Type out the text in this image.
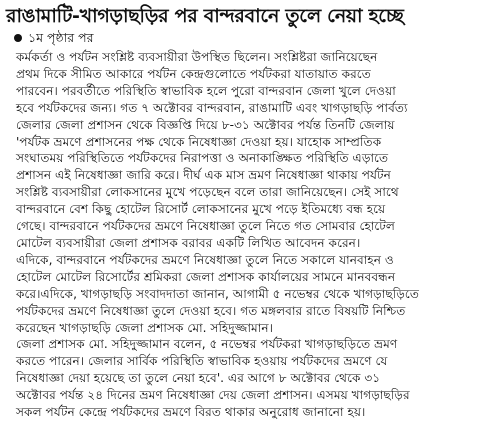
রাঙামাটি-খাগড়াছড়ির পর বান্দরবানে তুলে নেয়া হচ্ছে
১ম পৃষ্ঠার পর
কর্মকর্তা ও পর্যটন সংশ্লিষ্ট ব্যবসায়ীরা উপস্থিত ছিলেন। সংশ্লিষ্টরা জানিয়েছেন
প্রথম দিকে সীমিত আকারে পর্যটন কেন্দ্রগুলোতে পর্যটকরা যাতায়াত করতে
পারবেন। পরবর্তীতে পরিস্থিতি স্বাভাবিক হলে পুরো বান্দরবান জেলা খুলে দেওয়া
হবে পর্যটকদের জন্য। গত ৭ অক্টোবর বান্দরবান, রাঙামাটি এবং খাগড়াছড়ি পার্বত্য
জেলার জেলা প্রশাসন থেকে বিজ্ঞপ্তি দিয়ে ৮-৩১ অক্টোবর পর্যন্ত তিনটি জেলায়
'পর্যটক ভ্রমণে প্রশাসনের পক্ষ থেকে নিষেধাজ্ঞা দেওয়া হয়। যাহোক সাম্প্রতিক
সংঘাতময় পরিস্থিতিতে পর্যটকদের নিরাপত্তা ও অনাকাঙ্ক্ষিত পরিস্থিতি এড়াতে
প্রশাসন এই নিষেধাজ্ঞা জারি করে। দীর্ঘ এক মাস ভ্রমণ নিষেধাজ্ঞা থাকায় পর্যটন
সংশ্লিষ্ট ব্যবসায়ীরা লোকসানের মুখে পড়েছেন বলে তারা জানিয়েছেন। সেই সাথে
বান্দরবানে বেশ কিছু হোটেল রিসোর্ট লোকসানের মুখে পড়ে ইতিমধ্যে বন্ধ হয়ে
গেছে। বান্দরবানে পর্যটকদের ভ্রমণে নিষেধাজ্ঞা তুলে নিতে গত সোমবার হোটেল
মোটেল ব্যবসায়ীরা জেলা প্রশাসক বরাবর একটি লিখিত আবেদন করেন।
এদিকে, বান্দরবানে পর্যটকদের ভ্রমণে নিষেধাজ্ঞা তুলে নিতে সকালে যানবাহন ও
হোটেল মোটেল রিসোর্টের শ্রমিকরা জেলা প্রশাসক কার্যালয়ের সামনে মানববন্ধন
করে।এদিকে, খাগড়াছড়ি সংবাদদাতা জানান, আগামী ৫ নভেম্বর থেকে খাগড়াছড়িতে
পর্যটকদের ভ্রমণে নিষেধাজ্ঞা তুলে দেওয়া হবে। গত মঙ্গলবার রাতে বিষয়টি নিশ্চিত
করেছেন খাগড়াছড়ি জেলা প্রশাসক মো. সহিদুজ্জামান।
জেলা প্রশাসক মো. সহিদুজ্জামান বলেন, ৫ নভেম্বর পর্যটকরা খাগড়াছড়িতে ভ্রমণ
করতে পারেন। জেলার সার্বিক পরিস্থিতি স্বাভাবিক হওয়ায় পর্যটকদের ভ্রমণে যে
নিষেধাজ্ঞা দেয়া হয়েছে তা তুলে নেয়া হবে'. এর আগে ৮ অক্টোবর থেকে ৩১
অক্টোবর পর্যন্ত ২৪ দিনের ভ্রমণ নিষেধাজ্ঞা দেয় জেলা প্রশাসন। এসময় খাগড়াছড়ির
সকল পর্যটন কেন্দ্রে পর্যটকদের ভ্রমণে বিরত থাকার অনুরোধ জানানো হয়।
